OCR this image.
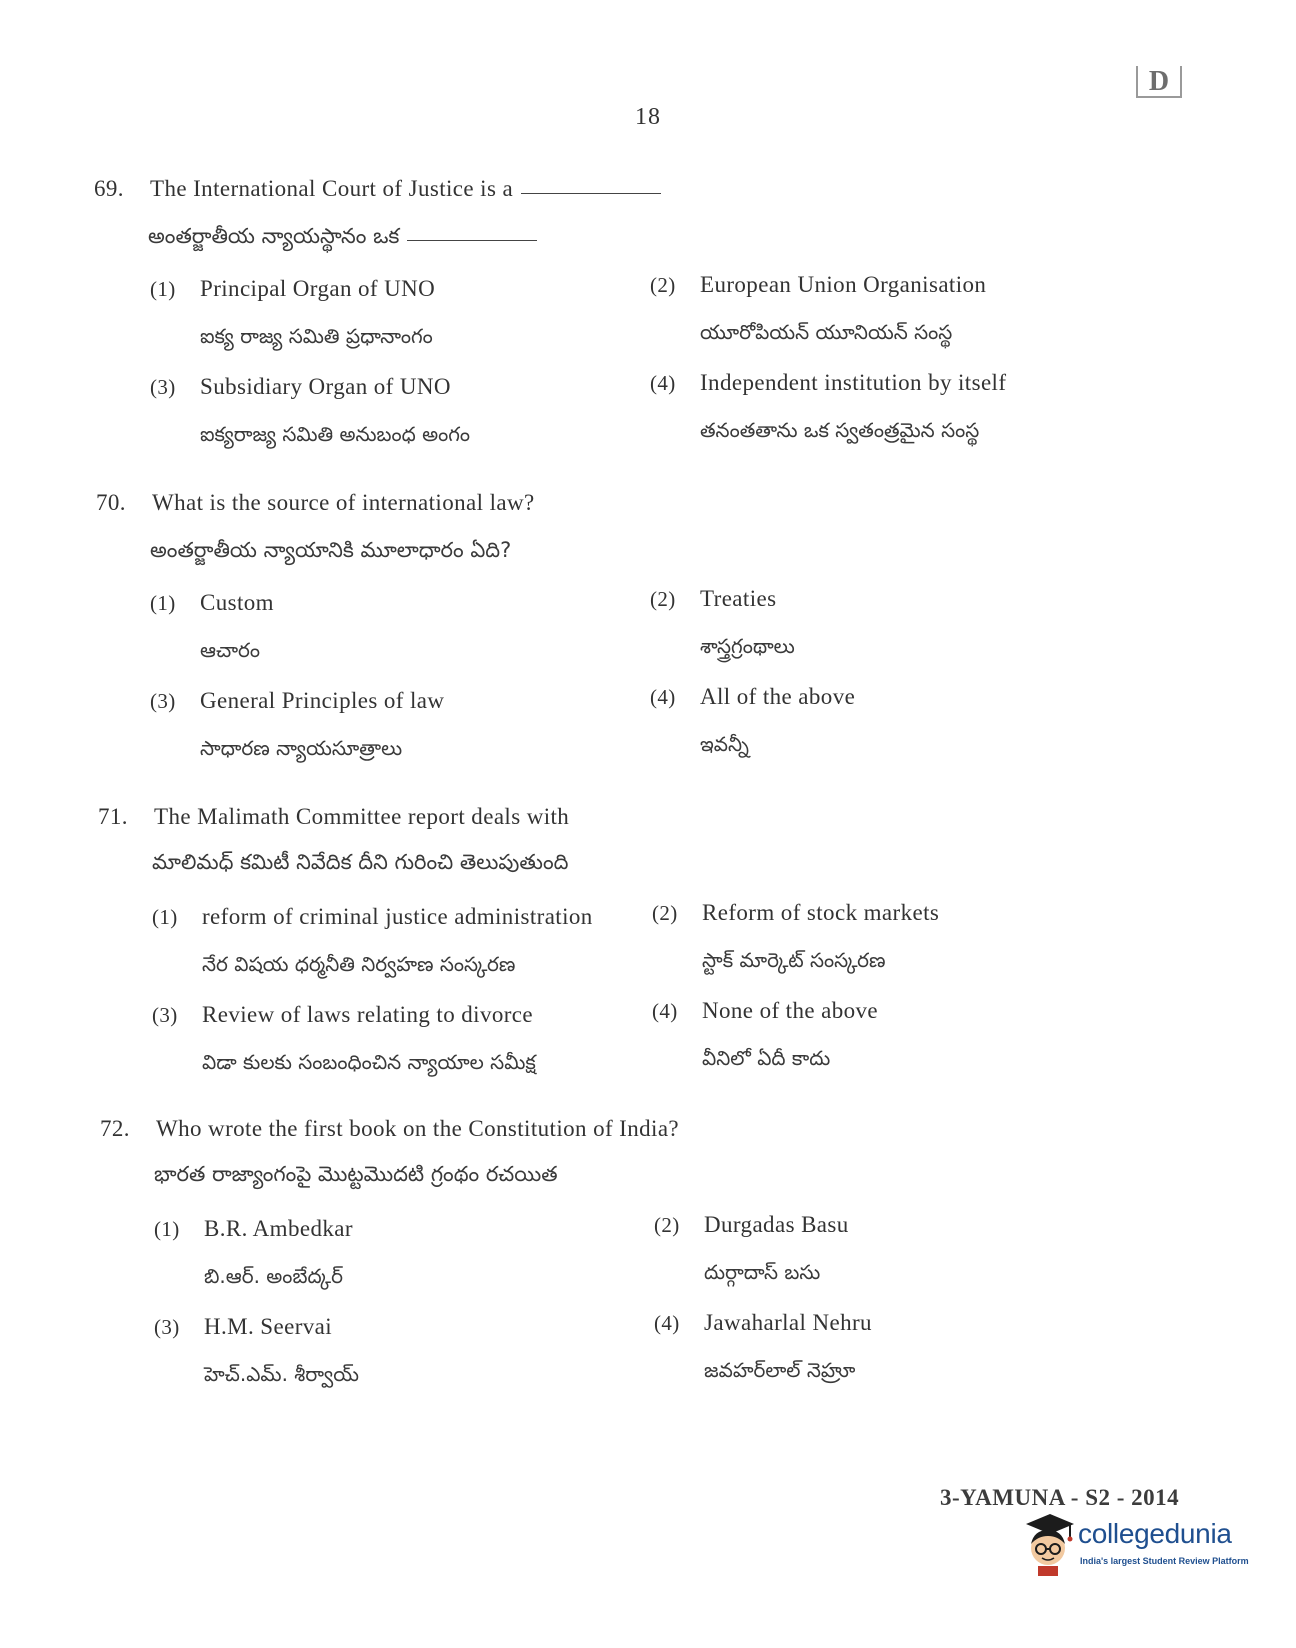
18
D
69. The International Court of Justice is a
అంతర్జాతీయ న్యాయస్థానం ఒక
(1) Principal Organ of UNO
ఐక్య రాజ్య సమితి ప్రధానాంగం
(2) European Union Organisation
యూరోపియన్ యూనియన్ సంస్థ
(3) Subsidiary Organ of UNO
ఐక్యరాజ్య సమితి అనుబంధ అంగం
(4) Independent institution by itself
తనంతతాను ఒక స్వతంత్రమైన సంస్థ
70. What is the source of international law?
అంతర్జాతీయ న్యాయానికి మూలాధారం ఏది?
(1) Custom
ఆచారం
(2) Treaties
శాస్త్రగ్రంథాలు
(3) General Principles of law
సాధారణ న్యాయసూత్రాలు
(4) All of the above
ఇవన్నీ
71. The Malimath Committee report deals with
మాలిమధ్ కమిటీ నివేదిక దీని గురించి తెలుపుతుంది
(1) reform of criminal justice administration
నేర విషయ ధర్మనీతి నిర్వహణ సంస్కరణ
(2) Reform of stock markets
స్టాక్ మార్కెట్ సంస్కరణ
(3) Review of laws relating to divorce
విడా కులకు సంబంధించిన న్యాయాల సమీక్ష
(4) None of the above
వీనిలో ఏదీ కాదు
72. Who wrote the first book on the Constitution of India?
భారత రాజ్యాంగంపై మొట్టమొదటి గ్రంథం రచయిత
(1) B.R. Ambedkar
బి.ఆర్. అంబేద్కర్
(2) Durgadas Basu
దుర్గాదాస్ బసు
(3) H.M. Seervai
హెచ్.ఎమ్. శీర్వాయ్
(4) Jawaharlal Nehru
జవహర్‌లాల్ నెహ్రూ
3-YAMUNA - S2 - 2014
collegedunia
India's largest Student Review Platform
